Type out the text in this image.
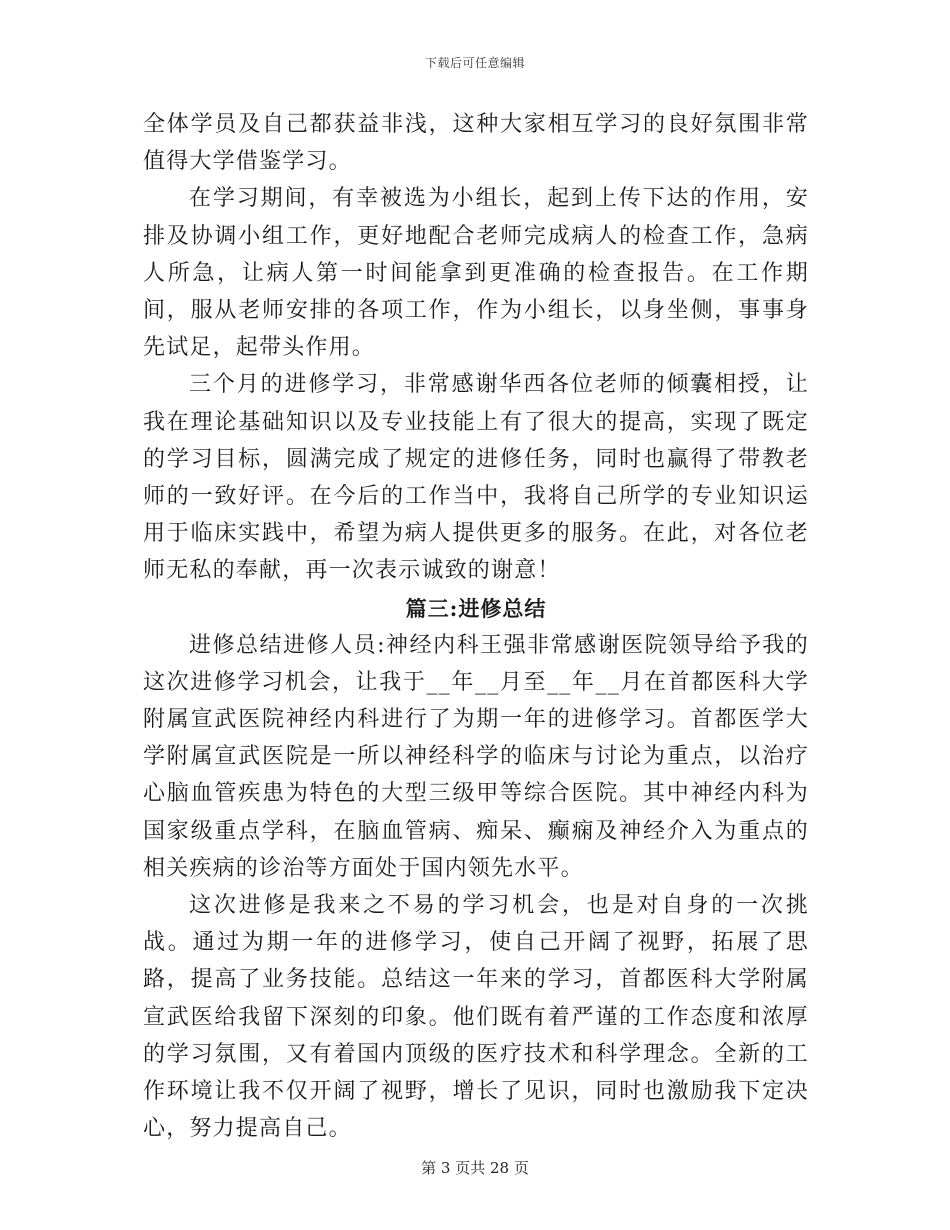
下载后可任意编辑

全体学员及自己都获益非浅，这种大家相互学习的良好氛围非常值得大学借鉴学习。

在学习期间，有幸被选为小组长，起到上传下达的作用，安排及协调小组工作，更好地配合老师完成病人的检查工作，急病人所急，让病人第一时间能拿到更准确的检查报告。在工作期间，服从老师安排的各项工作，作为小组长，以身坐侧，事事身先试足，起带头作用。

三个月的进修学习，非常感谢华西各位老师的倾囊相授，让我在理论基础知识以及专业技能上有了很大的提高，实现了既定的学习目标，圆满完成了规定的进修任务，同时也赢得了带教老师的一致好评。在今后的工作当中，我将自己所学的专业知识运用于临床实践中，希望为病人提供更多的服务。在此，对各位老师无私的奉献，再一次表示诚致的谢意！

篇三:进修总结

进修总结进修人员:神经内科王强非常感谢医院领导给予我的这次进修学习机会，让我于__年__月至__年__月在首都医科大学附属宣武医院神经内科进行了为期一年的进修学习。首都医学大学附属宣武医院是一所以神经科学的临床与讨论为重点，以治疗心脑血管疾患为特色的大型三级甲等综合医院。其中神经内科为国家级重点学科，在脑血管病、痴呆、癫痫及神经介入为重点的相关疾病的诊治等方面处于国内领先水平。

这次进修是我来之不易的学习机会，也是对自身的一次挑战。通过为期一年的进修学习，使自己开阔了视野，拓展了思路，提高了业务技能。总结这一年来的学习，首都医科大学附属宣武医给我留下深刻的印象。他们既有着严谨的工作态度和浓厚的学习氛围，又有着国内顶级的医疗技术和科学理念。全新的工作环境让我不仅开阔了视野，增长了见识，同时也激励我下定决心，努力提高自己。

第 3 页共 28 页
